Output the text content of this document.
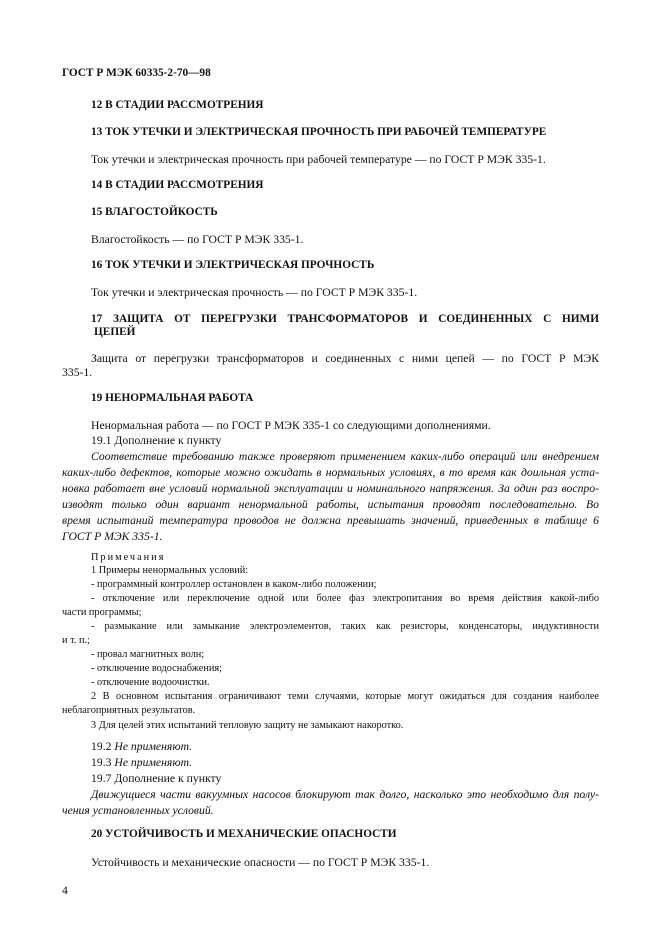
ГОСТ Р МЭК 60335-2-70—98
12 В СТАДИИ РАССМОТРЕНИЯ
13 ТОК УТЕЧКИ И ЭЛЕКТРИЧЕСКАЯ ПРОЧНОСТЬ ПРИ РАБОЧЕЙ ТЕМПЕРАТУРЕ
Ток утечки и электрическая прочность при рабочей температуре — по ГОСТ Р МЭК 335-1.
14 В СТАДИИ РАССМОТРЕНИЯ
15 ВЛАГОСТОЙКОСТЬ
Влагостойкость — по ГОСТ Р МЭК 335-1.
16 ТОК УТЕЧКИ И ЭЛЕКТРИЧЕСКАЯ ПРОЧНОСТЬ
Ток утечки и электрическая прочность — по ГОСТ Р МЭК 335-1.
17 ЗАЩИТА ОТ ПЕРЕГРУЗКИ ТРАНСФОРМАТОРОВ И СОЕДИНЕННЫХ С НИМИ
ЦЕПЕЙ
Защита от перегрузки трансформаторов и соединенных с ними цепей — по ГОСТ Р МЭК
335-1.
19 НЕНОРМАЛЬНАЯ РАБОТА
Ненормальная работа — по ГОСТ Р МЭК 335-1 со следующими дополнениями.
19.1 Дополнение к пункту
Соответствие требованию также проверяют применением каких-либо операций или внедрением
каких-либо дефектов, которые можно ожидать в нормальных условиях, в то время как доильная уста-
новка работает вне условий нормальной эксплуатации и номинального напряжения. За один раз воспро-
изводят только один вариант ненормальной работы, испытания проводят последовательно. Во
время испытаний температура проводов не должна превышать значений, приведенных в таблице 6
ГОСТ Р МЭК 335-1.
Примечания
1 Примеры ненормальных условий:
- программный контроллер остановлен в каком-либо положении;
- отключение или переключение одной или более фаз электропитания во время действия какой-либо
части программы;
- размыкание или замыкание электроэлементов, таких как резисторы, конденсаторы, индуктивности
и т. п.;
- провал магнитных волн;
- отключение водоснабжения;
- отключение водоочистки.
2 В основном испытания ограничивают теми случаями, которые могут ожидаться для создания наиболее
неблагоприятных результатов.
3 Для целей этих испытаний тепловую защиту не замыкают накоротко.
19.2 Не применяют.
19.3 Не применяют.
19.7 Дополнение к пункту
Движущиеся части вакуумных насосов блокируют так долго, насколько это необходимо для полу-
чения установленных условий.
20 УСТОЙЧИВОСТЬ И МЕХАНИЧЕСКИЕ ОПАСНОСТИ
Устойчивость и механические опасности — по ГОСТ Р МЭК 335-1.
4
